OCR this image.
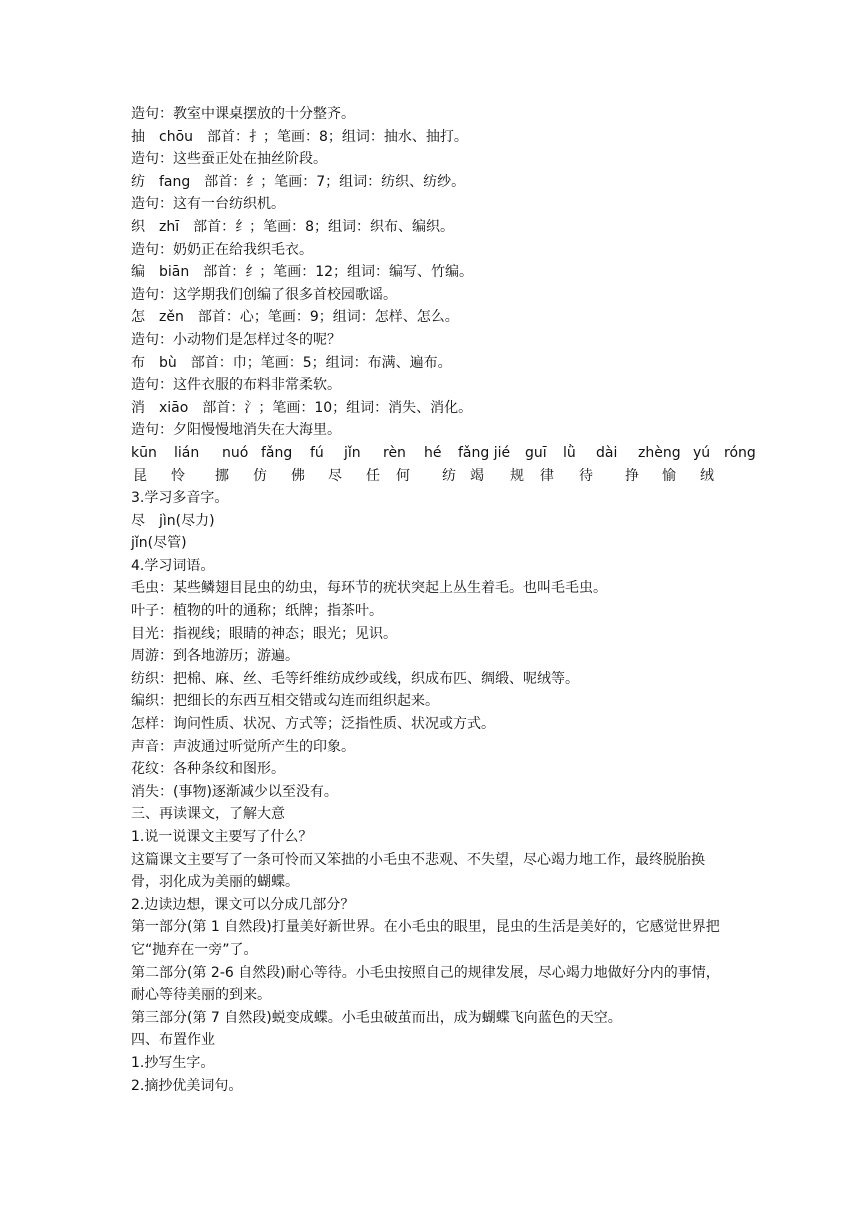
造句：教室中课桌摆放的十分整齐。
抽　chōu　部首：扌；笔画：8；组词：抽水、抽打。
造句：这些蚕正处在抽丝阶段。
纺　fang　部首：纟；笔画：7；组词：纺织、纺纱。
造句：这有一台纺织机。
织　zhī　部首：纟；笔画：8；组词：织布、编织。
造句：奶奶正在给我织毛衣。
编　biān　部首：纟；笔画：12；组词：编写、竹编。
造句：这学期我们创编了很多首校园歌谣。
怎　zěn　部首：心；笔画：9；组词：怎样、怎么。
造句：小动物们是怎样过冬的呢？
布　bù　部首：巾；笔画：5；组词：布满、遍布。
造句：这件衣服的布料非常柔软。
消　xiāo　部首：氵；笔画：10；组词：消失、消化。
造句：夕阳慢慢地消失在大海里。
kūn lián nuó fǎng fú jǐn rèn hé fǎng jié guī lǜ dài zhèng yú róng
昆 怜 挪 仿 佛 尽 任 何 纺 竭 规 律 待 挣 愉 绒
3.学习多音字。
尽　jìn(尽力)
jǐn(尽管)
4.学习词语。
毛虫：某些鳞翅目昆虫的幼虫，每环节的疣状突起上丛生着毛。也叫毛毛虫。
叶子：植物的叶的通称；纸牌；指茶叶。
目光：指视线；眼睛的神态；眼光；见识。
周游：到各地游历；游遍。
纺织：把棉、麻、丝、毛等纤维纺成纱或线，织成布匹、绸缎、呢绒等。
编织：把细长的东西互相交错或勾连而组织起来。
怎样：询问性质、状况、方式等；泛指性质、状况或方式。
声音：声波通过听觉所产生的印象。
花纹：各种条纹和图形。
消失：(事物)逐渐减少以至没有。
三、再读课文，了解大意
1.说一说课文主要写了什么？
这篇课文主要写了一条可怜而又笨拙的小毛虫不悲观、不失望，尽心竭力地工作，最终脱胎换骨，羽化成为美丽的蝴蝶。
2.边读边想，课文可以分成几部分？
第一部分(第 1 自然段)打量美好新世界。在小毛虫的眼里，昆虫的生活是美好的，它感觉世界把它“抛弃在一旁”了。
第二部分(第 2-6 自然段)耐心等待。小毛虫按照自己的规律发展，尽心竭力地做好分内的事情，耐心等待美丽的到来。
第三部分(第 7 自然段)蜕变成蝶。小毛虫破茧而出，成为蝴蝶飞向蓝色的天空。
四、布置作业
1.抄写生字。
2.摘抄优美词句。
